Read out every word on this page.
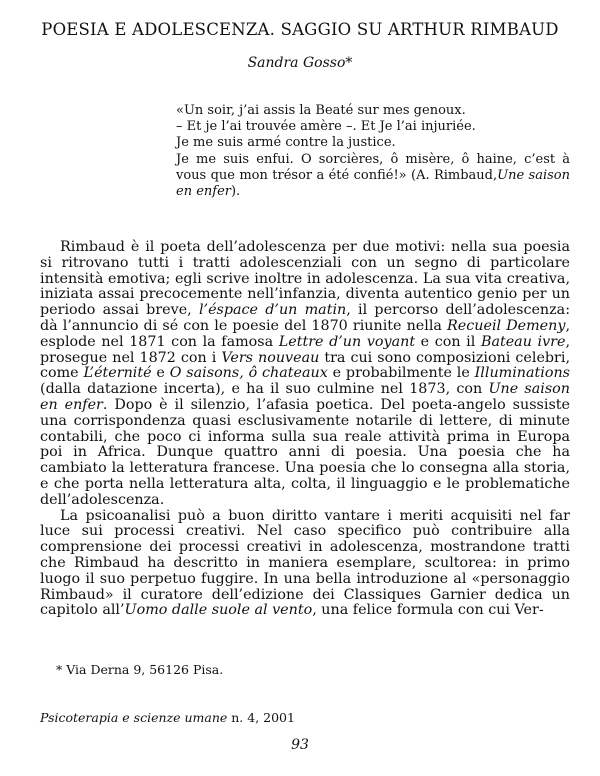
POESIA E ADOLESCENZA. SAGGIO SU ARTHUR RIMBAUD
Sandra Gosso*
«Un soir, j’ai assis la Beaté sur mes genoux.
– Et je l’ai trouvée amère –. Et Je l’ai injuriée.
Je me suis armé contre la justice.
Je me suis enfui. O sorcières, ô misère, ô haine, c’est à vous que mon trésor a été confié!» (A. Rimbaud,Une saison en enfer).

Rimbaud è il poeta dell’adolescenza per due motivi: nella sua poesia si ritrovano tutti i tratti adolescenziali con un segno di particolare intensità emotiva; egli scrive inoltre in adolescenza. La sua vita creativa, iniziata assai precocemente nell’infanzia, diventa autentico genio per un periodo assai breve, l’éspace d’un matin, il percorso dell’adolescenza: dà l’annuncio di sé con le poesie del 1870 riunite nella Recueil Demeny, esplode nel 1871 con la famosa Lettre d’un voyant e con il Bateau ivre, prosegue nel 1872 con i Vers nouveau tra cui sono composizioni celebri, come L’éternité e O saisons, ô chateaux e probabilmente le Illuminations (dalla datazione incerta), e ha il suo culmine nel 1873, con Une saison en enfer. Dopo è il silenzio, l’afasia poetica. Del poeta-angelo sussiste una corrispondenza quasi esclusivamente notarile di lettere, di minute contabili, che poco ci informa sulla sua reale attività prima in Europa poi in Africa. Dunque quattro anni di poesia. Una poesia che ha cambiato la letteratura francese. Una poesia che lo consegna alla storia, e che porta nella letteratura alta, colta, il linguaggio e le problematiche dell’adolescenza.

La psicoanalisi può a buon diritto vantare i meriti acquisiti nel far luce sui processi creativi. Nel caso specifico può contribuire alla comprensione dei processi creativi in adolescenza, mostrandone tratti che Rimbaud ha descritto in maniera esemplare, scultorea: in primo luogo il suo perpetuo fuggire. In una bella introduzione al «personaggio Rimbaud» il curatore dell’edizione dei Classiques Garnier dedica un capitolo all’Uomo dalle suole al vento, una felice formula con cui Ver-

* Via Derna 9, 56126 Pisa.
Psicoterapia e scienze umane n. 4, 2001
93
